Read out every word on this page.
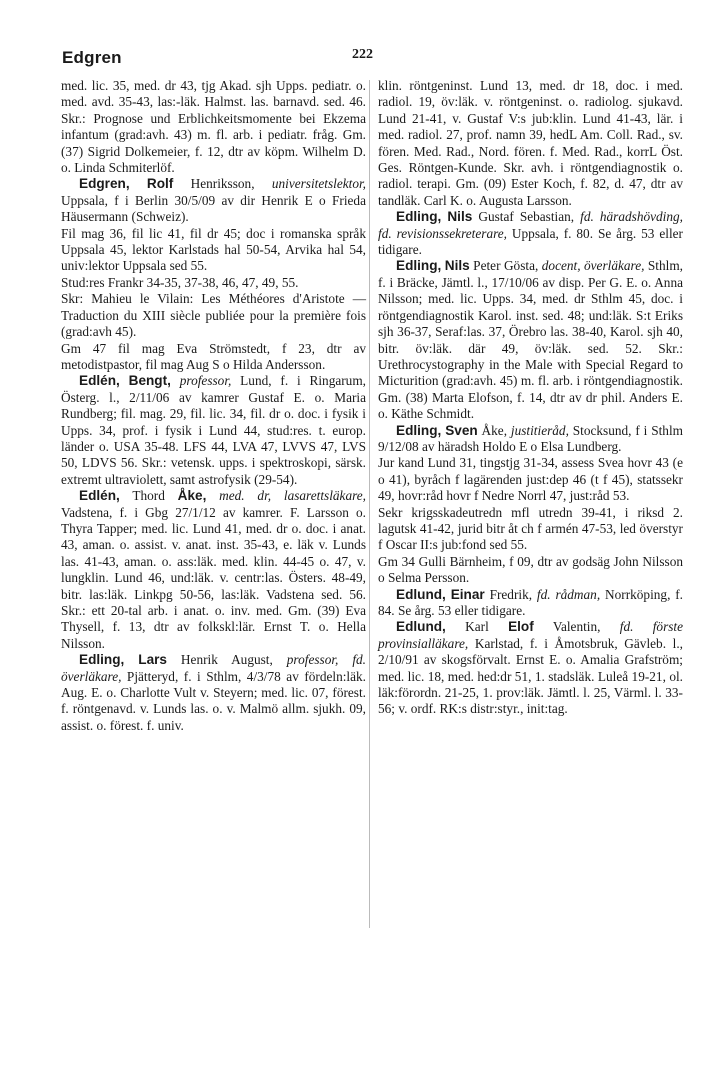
Edgren	222

med. lic. 35, med. dr 43, tjg Akad. sjh Upps. pediatr. o. med. avd. 35-43, las:-läk. Halmst. las. barnavd. sed. 46. Skr.: Prognose und Erblichkeitsmomente bei Ekzema infantum (grad:avh. 43) m. fl. arb. i pediatr. fråg. Gm. (37) Sigrid Dolkemeier, f. 12, dtr av köpm. Wilhelm D. o. Linda Schmiterlöf.

Edgren, Rolf Henriksson, universitetslektor, Uppsala, f i Berlin 30/5/09 av dir Henrik E o Frieda Häusermann (Schweiz).

Fil mag 36, fil lic 41, fil dr 45; doc i romanska språk Uppsala 45, lektor Karlstads hal 50-54, Arvika hal 54, univ:lektor Uppsala sed 55.

Stud:res Frankr 34-35, 37-38, 46, 47, 49, 55.

Skr: Mahieu le Vilain: Les Méthéores d'Aristote — Traduction du XIII siècle publiée pour la première fois (grad:avh 45).

Gm 47 fil mag Eva Strömstedt, f 23, dtr av metodistpastor, fil mag Aug S o Hilda Andersson.

Edlén, Bengt, professor, Lund, f. i Ringarum, Österg. l., 2/11/06 av kamrer Gustaf E. o. Maria Rundberg; fil. mag. 29, fil. lic. 34, fil. dr o. doc. i fysik i Upps. 34, prof. i fysik i Lund 44, stud:res. t. europ. länder o. USA 35-48. LFS 44, LVA 47, LVVS 47, LVS 50, LDVS 56. Skr.: vetensk. upps. i spektroskopi, särsk. extremt ultraviolett, samt astrofysik (29-54).

Edlén, Thord Åke, med. dr, lasarettsläkare, Vadstena, f. i Gbg 27/1/12 av kamrer. F. Larsson o. Thyra Tapper; med. lic. Lund 41, med. dr o. doc. i anat. 43, aman. o. assist. v. anat. inst. 35-43, e. läk v. Lunds las. 41-43, aman. o. ass:läk. med. klin. 44-45 o. 47, v. lungklin. Lund 46, und:läk. v. centr:las. Östers. 48-49, bitr. las:läk. Linkpg 50-56, las:läk. Vadstena sed. 56. Skr.: ett 20-tal arb. i anat. o. inv. med. Gm. (39) Eva Thysell, f. 13, dtr av folkskl:lär. Ernst T. o. Hella Nilsson.

Edling, Lars Henrik August, professor, fd. överläkare, Pjätteryd, f. i Sthlm, 4/3/78 av fördeln:läk. Aug. E. o. Charlotte Vult v. Steyern; med. lic. 07, förest. f. röntgenavd. v. Lunds las. o. v. Malmö allm. sjukh. 09, assist. o. förest. f. univ.

klin. röntgeninst. Lund 13, med. dr 18, doc. i med. radiol. 19, öv:läk. v. röntgeninst. o. radiolog. sjukavd. Lund 21-41, v. Gustaf V:s jub:klin. Lund 41-43, lär. i med. radiol. 27, prof. namn 39, hedL Am. Coll. Rad., sv. fören. Med. Rad., Nord. fören. f. Med. Rad., korrL Öst. Ges. Röntgen-Kunde. Skr. avh. i röntgendiagnostik o. radiol. terapi. Gm. (09) Ester Koch, f. 82, d. 47, dtr av tandläk. Carl K. o. Augusta Larsson.

Edling, Nils Gustaf Sebastian, fd. häradshövding, fd. revisionssekreterare, Uppsala, f. 80. Se årg. 53 eller tidigare.

Edling, Nils Peter Gösta, docent, överläkare, Sthlm, f. i Bräcke, Jämtl. l., 17/10/06 av disp. Per G. E. o. Anna Nilsson; med. lic. Upps. 34, med. dr Sthlm 45, doc. i röntgendiagnostik Karol. inst. sed. 48; und:läk. S:t Eriks sjh 36-37, Seraf:las. 37, Örebro las. 38-40, Karol. sjh 40, bitr. öv:läk. där 49, öv:läk. sed. 52. Skr.: Urethrocystography in the Male with Special Regard to Micturition (grad:avh. 45) m. fl. arb. i röntgendiagnostik. Gm. (38) Marta Elofson, f. 14, dtr av dr phil. Anders E. o. Käthe Schmidt.

Edling, Sven Åke, justitieråd, Stocksund, f i Sthlm 9/12/08 av häradsh Holdo E o Elsa Lundberg.

Jur kand Lund 31, tingstjg 31-34, assess Svea hovr 43 (e o 41), byråch f lagärenden just:dep 46 (t f 45), statssekr 49, hovr:råd hovr f Nedre Norrl 47, just:råd 53.

Sekr krigsskadeutredn mfl utredn 39-41, i riksd 2. lagutsk 41-42, jurid bitr åt ch f armén 47-53, led överstyr f Oscar II:s jub:fond sed 55.

Gm 34 Gulli Bärnheim, f 09, dtr av godsäg John Nilsson o Selma Persson.

Edlund, Einar Fredrik, fd. rådman, Norrköping, f. 84. Se årg. 53 eller tidigare.

Edlund, Karl Elof Valentin, fd. förste provinsialläkare, Karlstad, f. i Åmotsbruk, Gävleb. l., 2/10/91 av skogsförvalt. Ernst E. o. Amalia Grafström; med. lic. 18, med. hed:dr 51, 1. stadsläk. Luleå 19-21, ol. läk:förordn. 21-25, 1. prov:läk. Jämtl. l. 25, Värml. l. 33-56; v. ordf. RK:s distr:styr., init:tag.
